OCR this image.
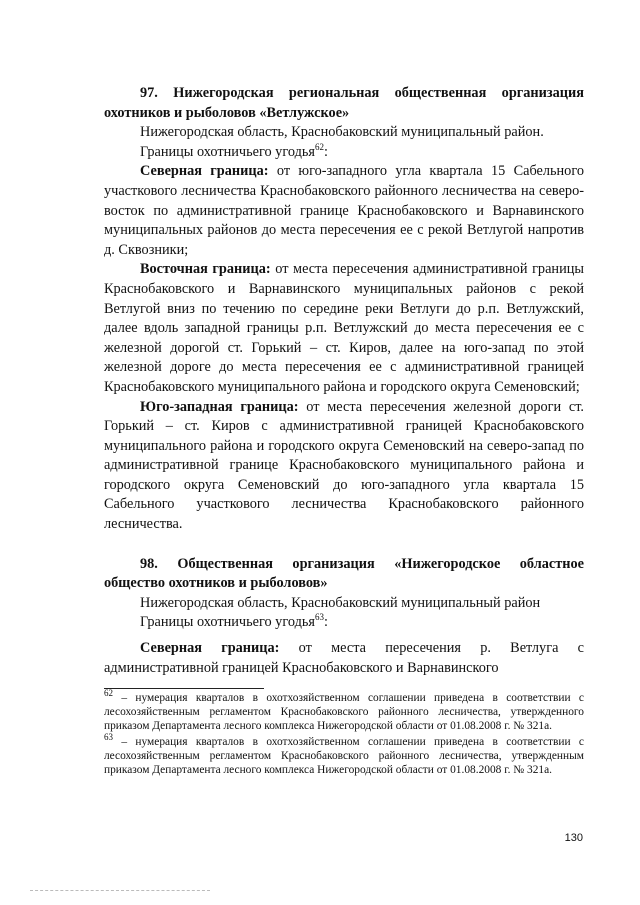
97. Нижегородская региональная общественная организация охотников и рыболовов «Ветлужское»

Нижегородская область, Краснобаковский муниципальный район.

Границы охотничьего угодья$^{62}$:

Северная граница: от юго-западного угла квартала 15 Сабельного участкового лесничества Краснобаковского районного лесничества на северо-восток по административной границе Краснобаковского и Варнавинского муниципальных районов до места пересечения ее с рекой Ветлугой напротив д. Сквозники;

Восточная граница: от места пересечения административной границы Краснобаковского и Варнавинского муниципальных районов с рекой Ветлугой вниз по течению по середине реки Ветлуги до р.п. Ветлужский, далее вдоль западной границы р.п. Ветлужский до места пересечения ее с железной дорогой ст. Горький – ст. Киров, далее на юго-запад по этой железной дороге до места пересечения ее с административной границей Краснобаковского муниципального района и городского округа Семеновский;

Юго-западная граница: от места пересечения железной дороги ст. Горький – ст. Киров с административной границей Краснобаковского муниципального района и городского округа Семеновский на северо-запад по административной границе Краснобаковского муниципального района и городского округа Семеновский до юго-западного угла квартала 15 Сабельного участкового лесничества Краснобаковского районного лесничества.

98. Общественная организация «Нижегородское областное общество охотников и рыболовов»

Нижегородская область, Краснобаковский муниципальный район

Границы охотничьего угодья$^{63}$:

Северная граница: от места пересечения р. Ветлуга с административной границей Краснобаковского и Варнавинского

$^{62}$ – нумерация кварталов в охотхозяйственном соглашении приведена в соответствии с лесохозяйственным регламентом Краснобаковского районного лесничества, утвержденного приказом Департамента лесного комплекса Нижегородской области от 01.08.2008 г. № 321а.

$^{63}$ – нумерация кварталов в охотхозяйственном соглашении приведена в соответствии с лесохозяйственным регламентом Краснобаковского районного лесничества, утвержденным приказом Департамента лесного комплекса Нижегородской области от 01.08.2008 г. № 321а.

130
